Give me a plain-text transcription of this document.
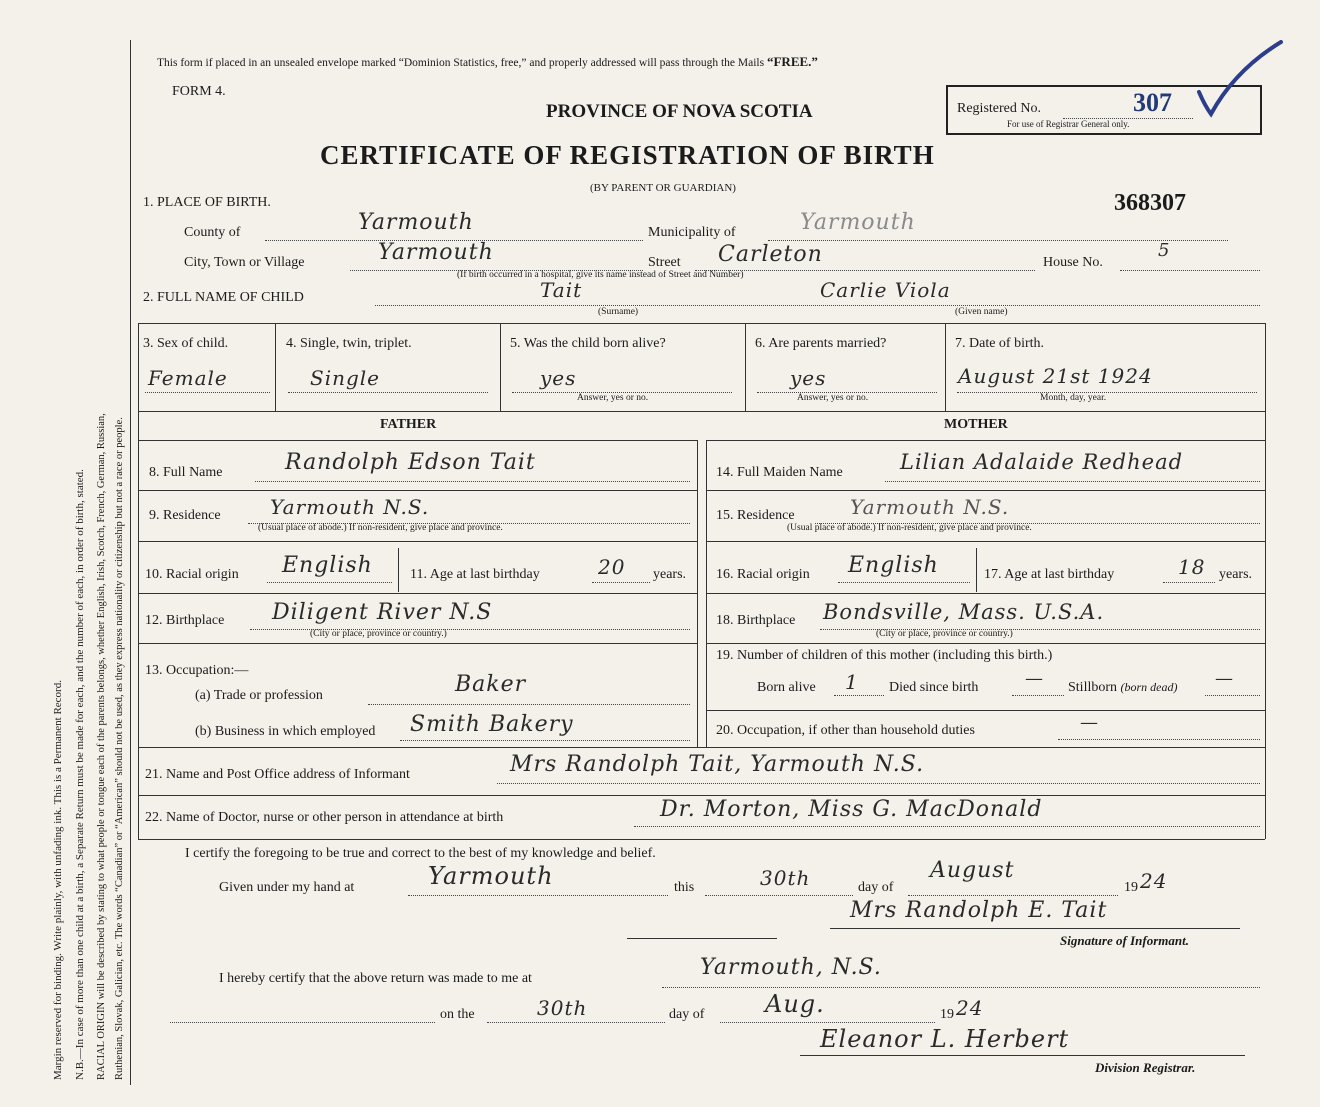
Margin reserved for binding. Write plainly, with unfading ink. This is a Permanent Record. N.B.—In case of more than one child at a birth, a Separate Return must be made for each, and the number of each, in order of birth, stated. RACIAL ORIGIN will be described by stating to what people or tongue each of the parents belongs, whether English, Irish, Scotch, French, German, Russian, Ruthenian, Slovak, Galician, etc. The words “Canadian” or “American” should not be used, as they express nationality or citizenship but not a race or people.
This form if placed in an unsealed envelope marked “Dominion Statistics, free,” and properly addressed will pass through the Mails “FREE.”
FORM 4.
PROVINCE OF NOVA SCOTIA	Registered No.	307
For use of Registrar General only.
CERTIFICATE OF REGISTRATION OF BIRTH
(BY PARENT OR GUARDIAN)
368307
1. PLACE OF BIRTH.
County of	Yarmouth	Municipality of	Yarmouth
City, Town or Village	Yarmouth	Street Carleton	House No.
5
(If birth occurred in a hospital, give its name instead of Street and Number)
2. FULL NAME OF CHILD	Tait
(Surname)
Carlie Viola
(Given name)
3. Sex of child.
Female
4. Single, twin, triplet.
Single
5. Was the child born alive?
yes
Answer, yes or no.
6. Are parents married?
yes
Answer, yes or no.
7. Date of birth.
August 21st 1924
Month, day, year.
FATHER	MOTHER
8. Full Name	Randolph Edson Tait
9. Residence Yarmouth N.S.
(Usual place of abode.) If non-resident, give place and province.
10. Racial origin English	11. Age at last birthday	20 years.
12. Birthplace Diligent River N.S
(City or place, province or country.)
13. Occupation:—
(a) Trade or profession	Baker
(b) Business in which employed Smith Bakery
14. Full Maiden Name	Lilian Adalaide Redhead
15. Residence	Yarmouth N.S.
(Usual place of abode.) If non-resident, give place and province.
16. Racial origin English	17. Age at last birthday	18 years.
18. Birthplace Bondsville, Mass. U.S.A.
(City or place, province or country.)
19. Number of children of this mother (including this birth.)
Born alive 1 Died since birth	— Stillborn (born dead) —
20. Occupation, if other than household duties	—
21. Name and Post Office address of Informant	Mrs Randolph Tait, Yarmouth N.S.
22. Name of Doctor, nurse or other person in attendance at birth	Dr. Morton, Miss G. MacDonald
I certify the foregoing to be true and correct to the best of my knowledge and belief.
Given under my hand at	Yarmouth	this	30th	day of
August
19 24
Mrs Randolph E. Tait
Signature of Informant.
I hereby certify that the above return was made to me at	Yarmouth, N.S.
on the	30th	day of	Aug.	19 24
Eleanor L. Herbert
Division Registrar.
